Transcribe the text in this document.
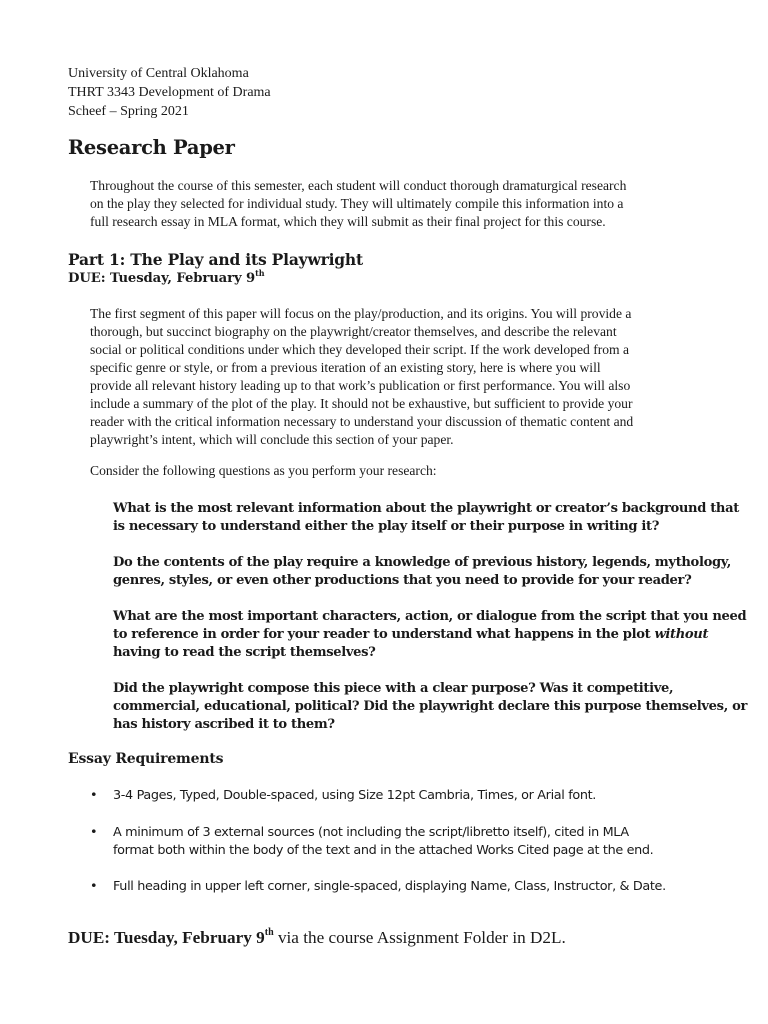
University of Central Oklahoma
THRT 3343 Development of Drama
Scheef – Spring 2021
Research Paper
Throughout the course of this semester, each student will conduct thorough dramaturgical research
on the play they selected for individual study. They will ultimately compile this information into a
full research essay in MLA format, which they will submit as their final project for this course.
Part 1: The Play and its Playwright
DUE: Tuesday, February 9th
The first segment of this paper will focus on the play/production, and its origins. You will provide a
thorough, but succinct biography on the playwright/creator themselves, and describe the relevant
social or political conditions under which they developed their script. If the work developed from a
specific genre or style, or from a previous iteration of an existing story, here is where you will
provide all relevant history leading up to that work’s publication or first performance. You will also
include a summary of the plot of the play. It should not be exhaustive, but sufficient to provide your
reader with the critical information necessary to understand your discussion of thematic content and
playwright’s intent, which will conclude this section of your paper.
Consider the following questions as you perform your research:
What is the most relevant information about the playwright or creator’s background that
is necessary to understand either the play itself or their purpose in writing it?
Do the contents of the play require a knowledge of previous history, legends, mythology,
genres, styles, or even other productions that you need to provide for your reader?
What are the most important characters, action, or dialogue from the script that you need
to reference in order for your reader to understand what happens in the plot without
having to read the script themselves?
Did the playwright compose this piece with a clear purpose? Was it competitive,
commercial, educational, political? Did the playwright declare this purpose themselves, or
has history ascribed it to them?
Essay Requirements
• 3-4 Pages, Typed, Double-spaced, using Size 12pt Cambria, Times, or Arial font.
• A minimum of 3 external sources (not including the script/libretto itself), cited in MLA
format both within the body of the text and in the attached Works Cited page at the end.
• Full heading in upper left corner, single-spaced, displaying Name, Class, Instructor, & Date.
DUE: Tuesday, February 9th via the course Assignment Folder in D2L.
